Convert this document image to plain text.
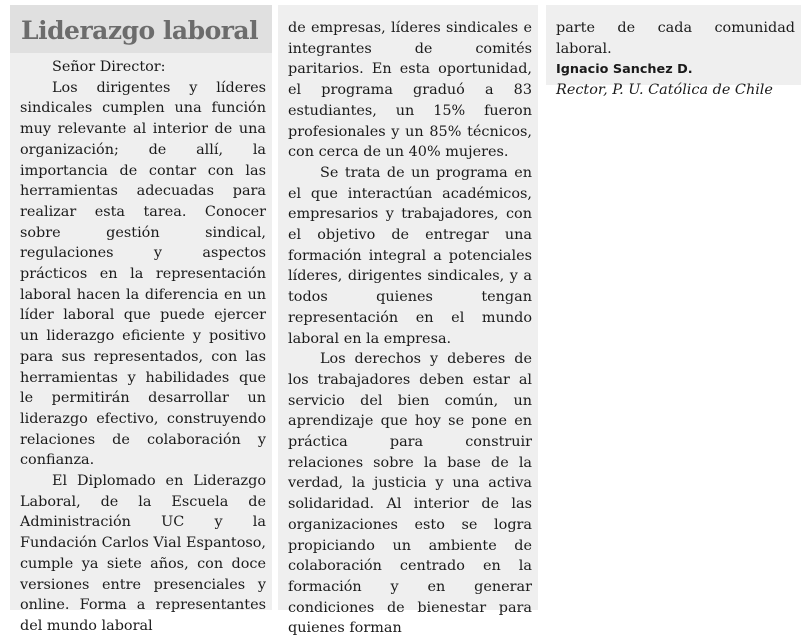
Liderazgo laboral

Señor Director:

Los dirigentes y líderes sindicales cumplen una función muy relevante al interior de una organización; de allí, la importancia de contar con las herramientas adecuadas para realizar esta tarea. Conocer sobre gestión sindical, regulaciones y aspectos prácticos en la representación laboral hacen la diferencia en un líder laboral que puede ejercer un liderazgo eficiente y positivo para sus representados, con las herramientas y habilidades que le permitirán desarrollar un liderazgo efectivo, construyendo relaciones de colaboración y confianza.

El Diplomado en Liderazgo Laboral, de la Escuela de Administración UC y la Fundación Carlos Vial Espantoso, cumple ya siete años, con doce versiones entre presenciales y online. Forma a representantes del mundo laboral

de empresas, líderes sindicales e integrantes de comités paritarios. En esta oportunidad, el programa graduó a 83 estudiantes, un 15% fueron profesionales y un 85% técnicos, con cerca de un 40% mujeres.

Se trata de un programa en el que interactúan académicos, empresarios y trabajadores, con el objetivo de entregar una formación integral a potenciales líderes, dirigentes sindicales, y a todos quienes tengan representación en el mundo laboral en la empresa.

Los derechos y deberes de los trabajadores deben estar al servicio del bien común, un aprendizaje que hoy se pone en práctica para construir relaciones sobre la base de la verdad, la justicia y una activa solidaridad. Al interior de las organizaciones esto se logra propiciando un ambiente de colaboración centrado en la formación y en generar condiciones de bienestar para quienes forman

parte de cada comunidad laboral.

Ignacio Sanchez D.
Rector, P. U. Católica de Chile
